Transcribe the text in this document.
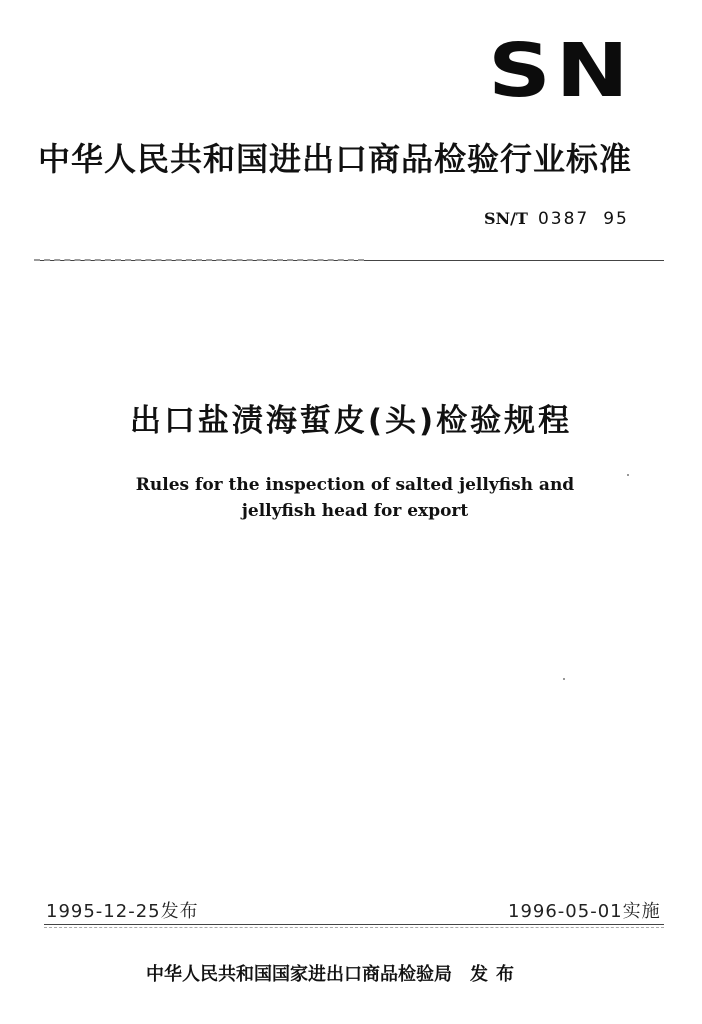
SN
中华人民共和国进出口商品检验行业标准
SN/T 0387 95
出口盐渍海蜇皮(头)检验规程
Rules for the inspection of salted jellyfish and
jellyfish head for export
1995-12-25发布	1996-05-01实施
中华人民共和国国家进出口商品检验局 发布
